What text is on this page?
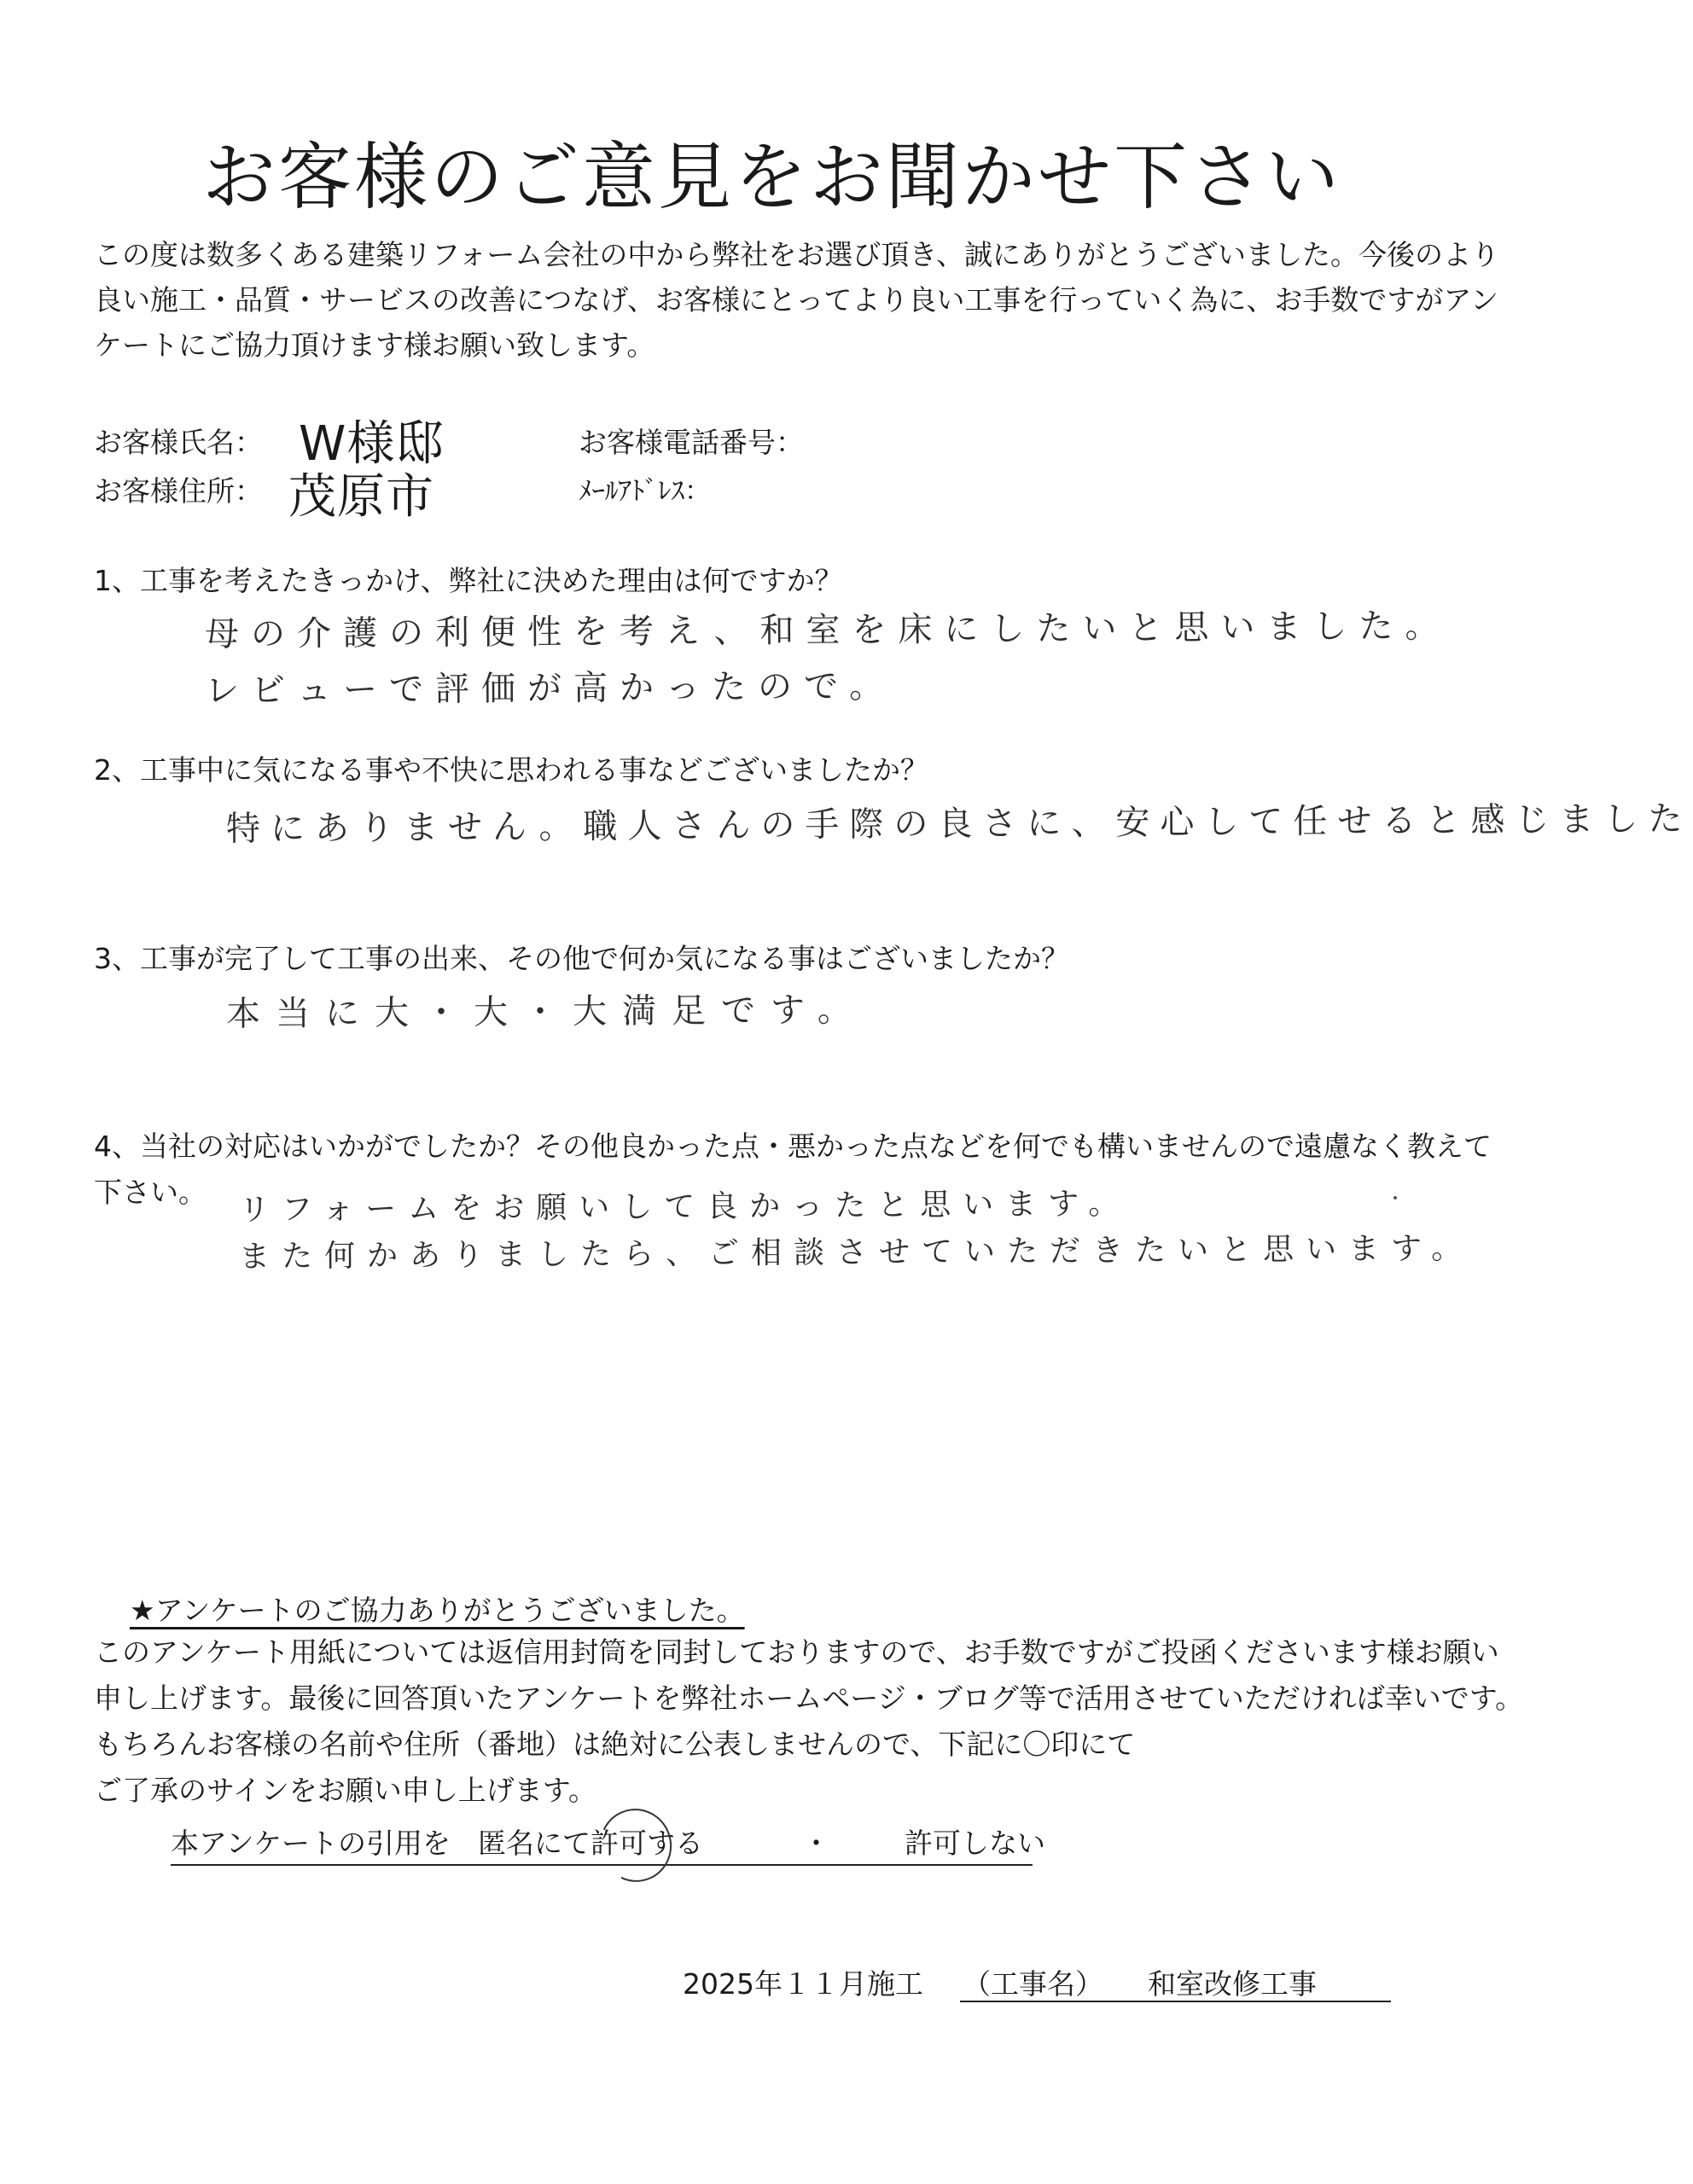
お客様のご意見をお聞かせ下さい
この度は数多くある建築リフォーム会社の中から弊社をお選び頂き、誠にありがとうございました。今後のより
良い施工・品質・サービスの改善につなげ、お客様にとってより良い工事を行っていく為に、お手数ですがアン
ケートにご協力頂けます様お願い致します。
お客様氏名： W様邸	お客様電話番号：
お客様住所： 茂原市	ﾒｰﾙｱﾄﾞﾚｽ：
1、工事を考えたきっかけ、弊社に決めた理由は何ですか？
母の介護の利便性を考え、和室を床にしたいと思いました。
レビューで評価が高かったので。
2、工事中に気になる事や不快に思われる事などございましたか？
特にありません。職人さんの手際の良さに、安心して任せると感じました
3、工事が完了して工事の出来、その他で何か気になる事はございましたか？
本当に大・大・大満足です。
4、当社の対応はいかがでしたか？その他良かった点・悪かった点などを何でも構いませんので遠慮なく教えて
下さい。 リフォームをお願いして良かったと思います。
また何かありましたら、ご相談させていただきたいと思います。
★アンケートのご協力ありがとうございました。
このアンケート用紙については返信用封筒を同封しておりますので、お手数ですがご投函くださいます様お願い
申し上げます。最後に回答頂いたアンケートを弊社ホームページ・ブログ等で活用させていただければ幸いです。
もちろんお客様の名前や住所（番地）は絶対に公表しませんので、下記に〇印にて
ご了承のサインをお願い申し上げます。
本アンケートの引用を 匿名にて許可する	・	許可しない
2025年１１月施工 （工事名） 和室改修工事
